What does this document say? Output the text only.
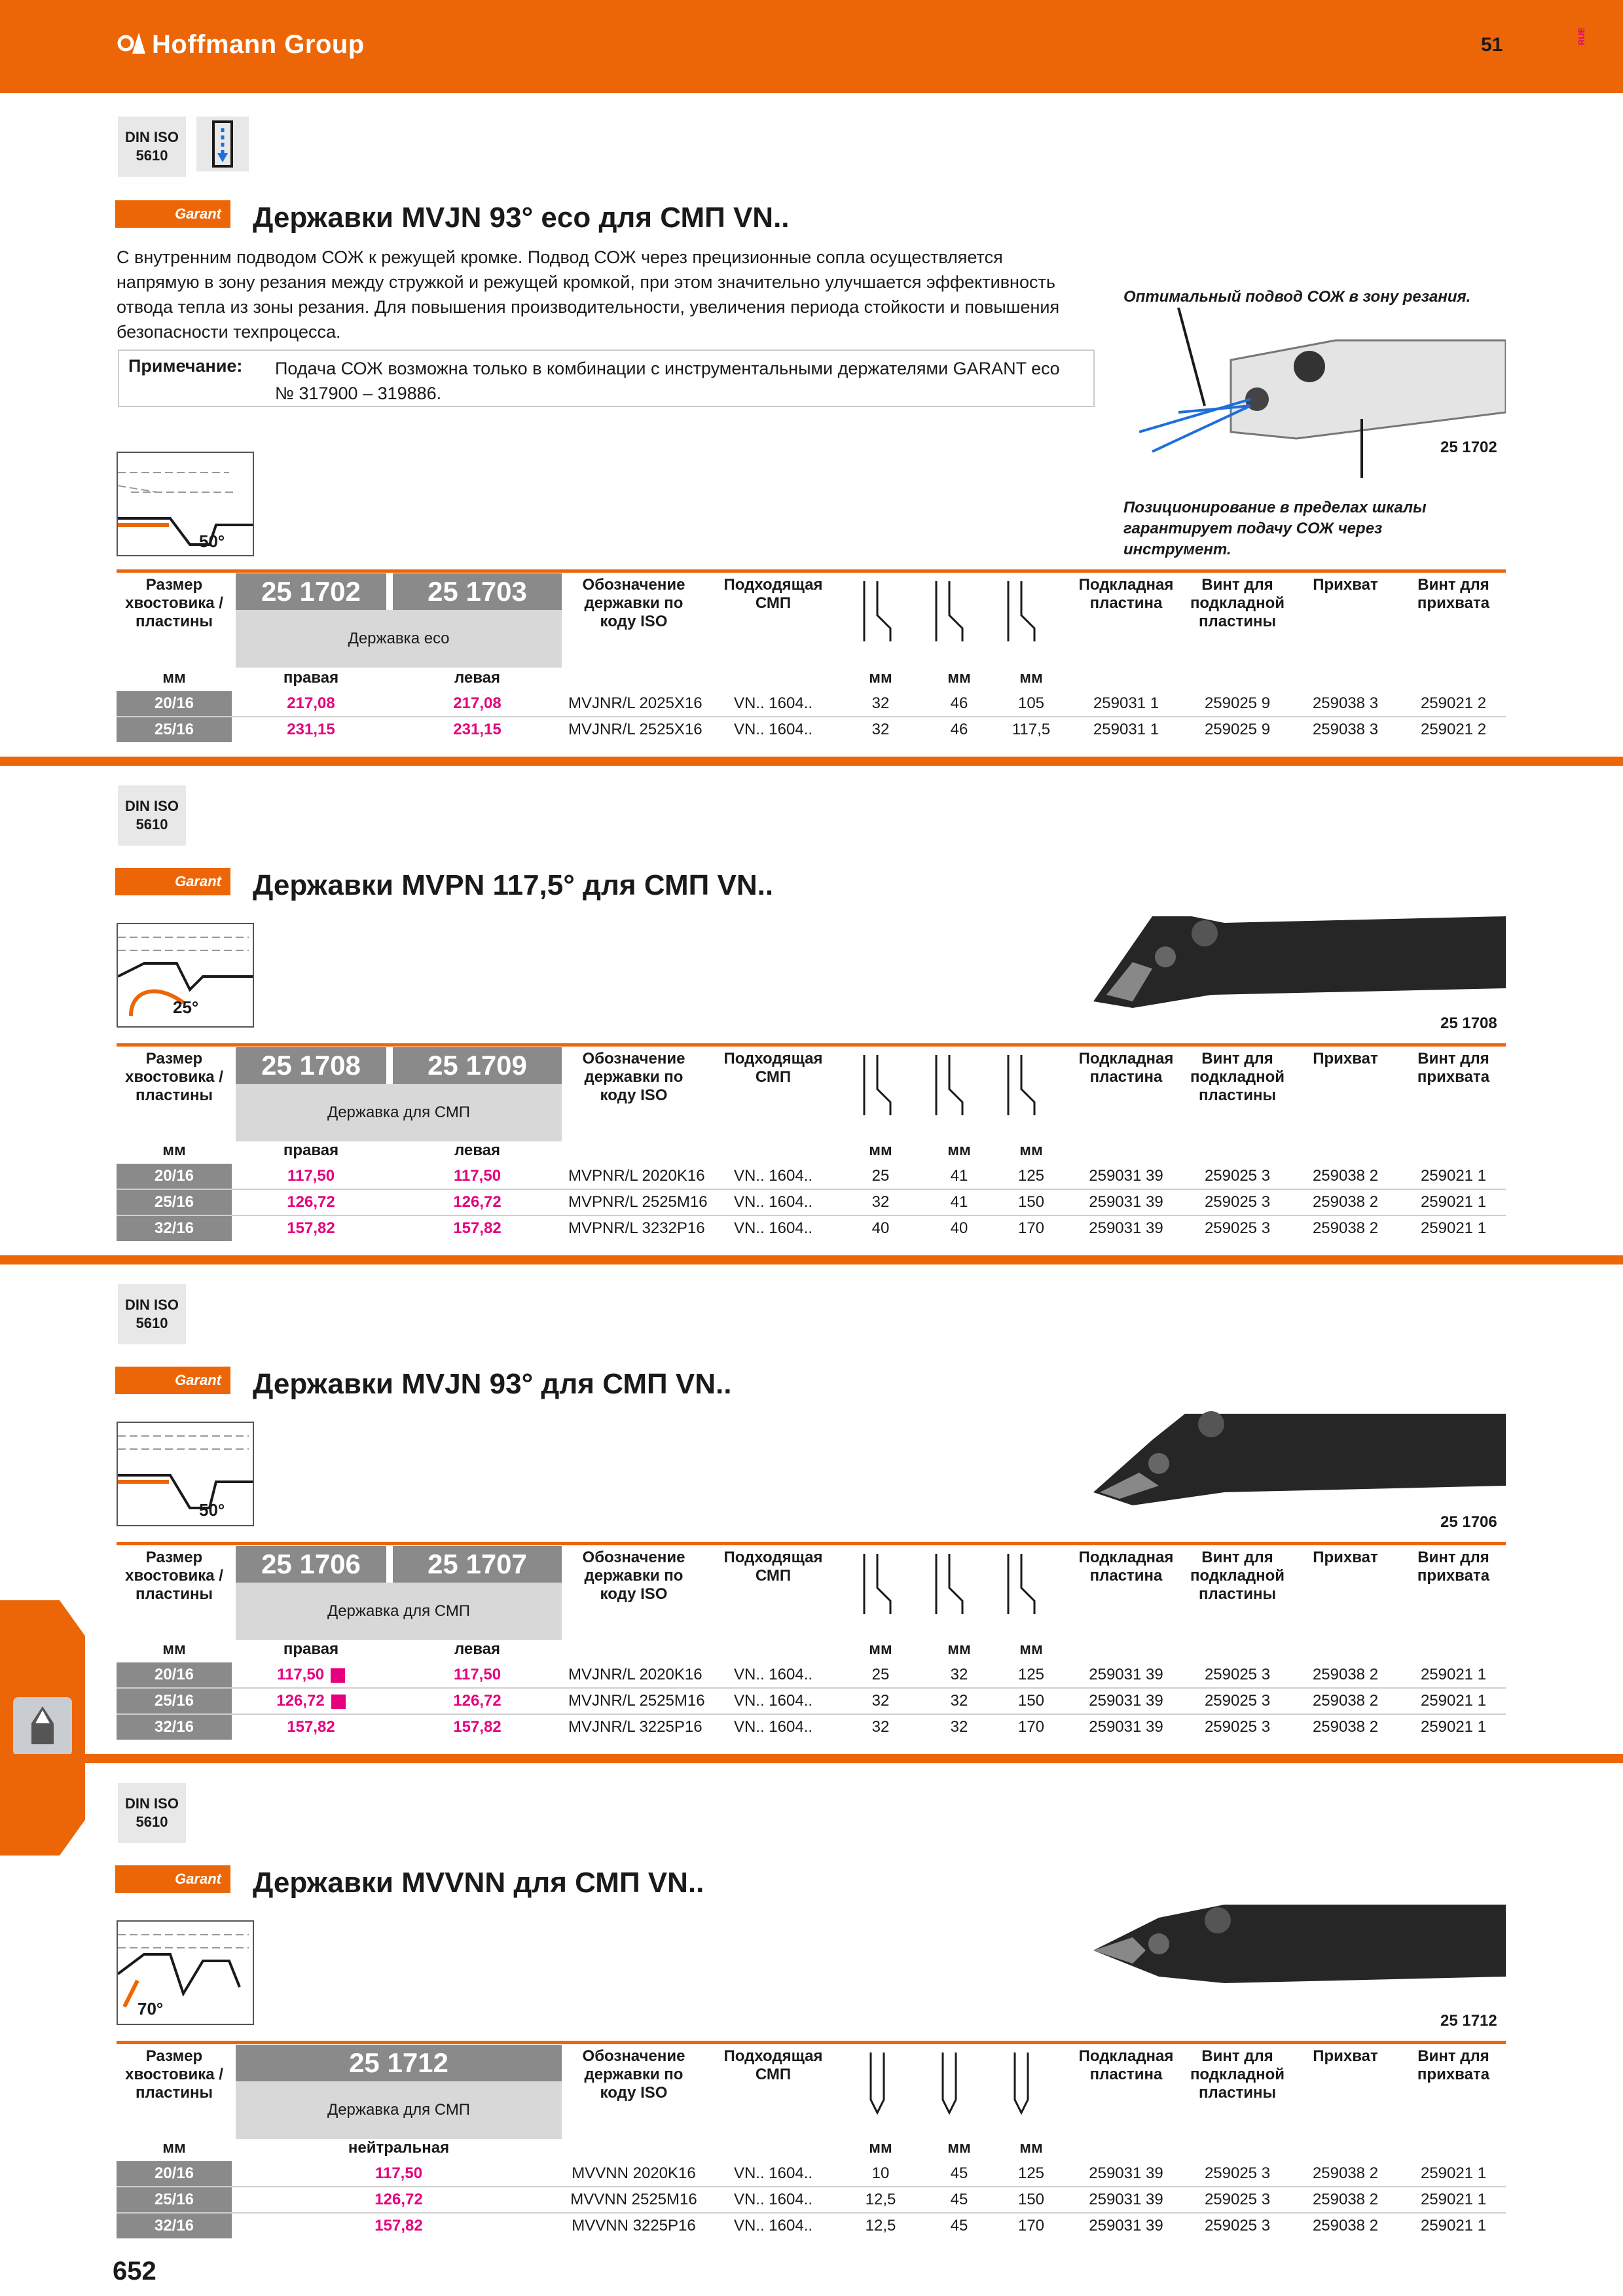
Hoffmann Group	51	RUE
DIN ISO 5610
Garant	Державки MVJN 93° eco для СМП VN..
С внутренним подводом СОЖ к режущей кромке. Подвод СОЖ через прецизионные сопла осуществляется напрямую в зону резания между стружкой и режущей кромкой, при этом значительно улучшается эффективность отвода тепла из зоны резания. Для повышения производительности, увеличения периода стойкости и повышения безопасности техпроцесса.
Примечание: Подача СОЖ возможна только в комбинации с инструментальными держателями GARANT eco № 317900 – 319886.
50°
Оптимальный подвод СОЖ в зону резания.
Позиционирование в пределах шкалы гарантирует подачу СОЖ через инструмент.
25 1702
Размер хвостовика / пластины
25 1702	25 1703
Державка eco
Обозначение державки по коду ISO
Подходящая СМП
Подкладная пластина
Винт для подкладной пластины
Прихват	Винт для прихвата
мм	правая	левая	мм	мм	мм
20/16	217,08	217,08	MVJNR/L 2025X16	VN.. 1604..	32	46	105	259031 1	259025 9	259038 3	259021 2
25/16	231,15	231,15	MVJNR/L 2525X16	VN.. 1604..	32	46	117,5	259031 1	259025 9	259038 3	259021 2
DIN ISO 5610
Garant	Державки MVPN 117,5° для СМП VN..
25°
25 1708
Размер хвостовика / пластины
25 1708	25 1709
Державка для СМП
Обозначение державки по коду ISO
Подходящая СМП
Подкладная пластина
Винт для подкладной пластины
Прихват	Винт для прихвата
мм	правая	левая	мм	мм	мм
20/16	117,50	117,50	MVPNR/L 2020K16	VN.. 1604..	25	41	125	259031 39	259025 3	259038 2	259021 1
25/16	126,72	126,72	MVPNR/L 2525M16	VN.. 1604..	32	41	150	259031 39	259025 3	259038 2	259021 1
32/16	157,82	157,82	MVPNR/L 3232P16	VN.. 1604..	40	40	170	259031 39	259025 3	259038 2	259021 1
DIN ISO 5610
Garant	Державки MVJN 93° для СМП VN..
50°
25 1706
Размер хвостовика / пластины
25 1706	25 1707
Державка для СМП
Обозначение державки по коду ISO
Подходящая СМП
Подкладная пластина
Винт для подкладной пластины
Прихват	Винт для прихвата
мм	правая	левая	мм	мм	мм
20/16	117,50	117,50	MVJNR/L 2020K16	VN.. 1604..	25	32	125	259031 39	259025 3	259038 2	259021 1
25/16	126,72	126,72	MVJNR/L 2525M16	VN.. 1604..	32	32	150	259031 39	259025 3	259038 2	259021 1
32/16	157,82	157,82	MVJNR/L 3225P16	VN.. 1604..	32	32	170	259031 39	259025 3	259038 2	259021 1
DIN ISO 5610
Garant	Державки MVVNN для СМП VN..
70°
25 1712
Размер хвостовика / пластины
25 1712
Державка для СМП
Обозначение державки по коду ISO
Подходящая СМП
Подкладная пластина
Винт для подкладной пластины
Прихват	Винт для прихвата
мм	нейтральная	мм	мм	мм
20/16	117,50	MVVNN 2020K16	VN.. 1604..	10	45	125	259031 39	259025 3	259038 2	259021 1
25/16	126,72	MVVNN 2525M16	VN.. 1604..	12,5	45	150	259031 39	259025 3	259038 2	259021 1
32/16	157,82	MVVNN 3225P16	VN.. 1604..	12,5	45	170	259031 39	259025 3	259038 2	259021 1
652
